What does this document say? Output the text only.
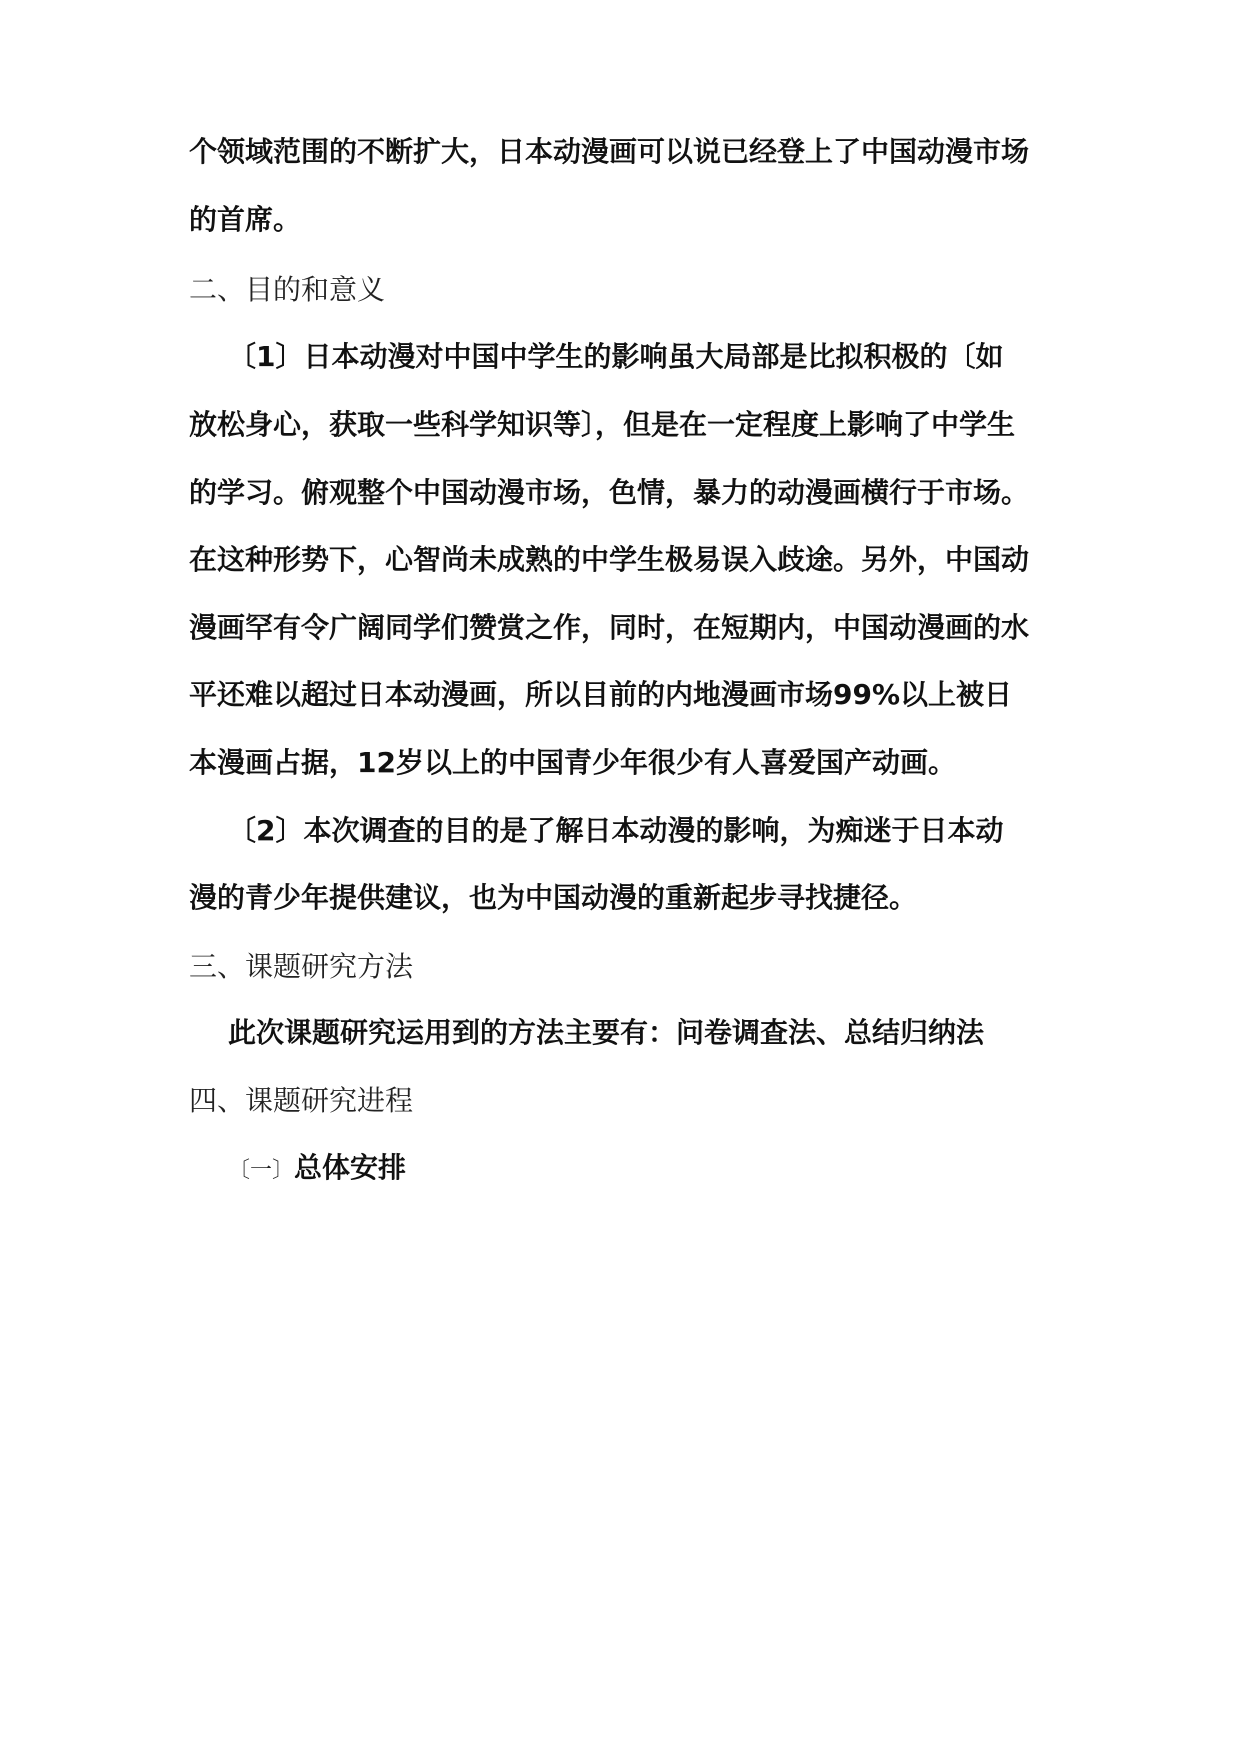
个领域范围的不断扩大，日本动漫画可以说已经登上了中国动漫市场
的首席。
二、目的和意义
〔1〕日本动漫对中国中学生的影响虽大局部是比拟积极的〔如
放松身心，获取一些科学知识等〕，但是在一定程度上影响了中学生
的学习。俯观整个中国动漫市场，色情，暴力的动漫画横行于市场。
在这种形势下，心智尚未成熟的中学生极易误入歧途。另外，中国动
漫画罕有令广阔同学们赞赏之作，同时，在短期内，中国动漫画的水
平还难以超过日本动漫画，所以目前的内地漫画市场99%以上被日
本漫画占据，12岁以上的中国青少年很少有人喜爱国产动画。
〔2〕本次调查的目的是了解日本动漫的影响，为痴迷于日本动
漫的青少年提供建议，也为中国动漫的重新起步寻找捷径。
三、课题研究方法
此次课题研究运用到的方法主要有：问卷调查法、总结归纳法
四、课题研究进程
〔一〕总体安排
